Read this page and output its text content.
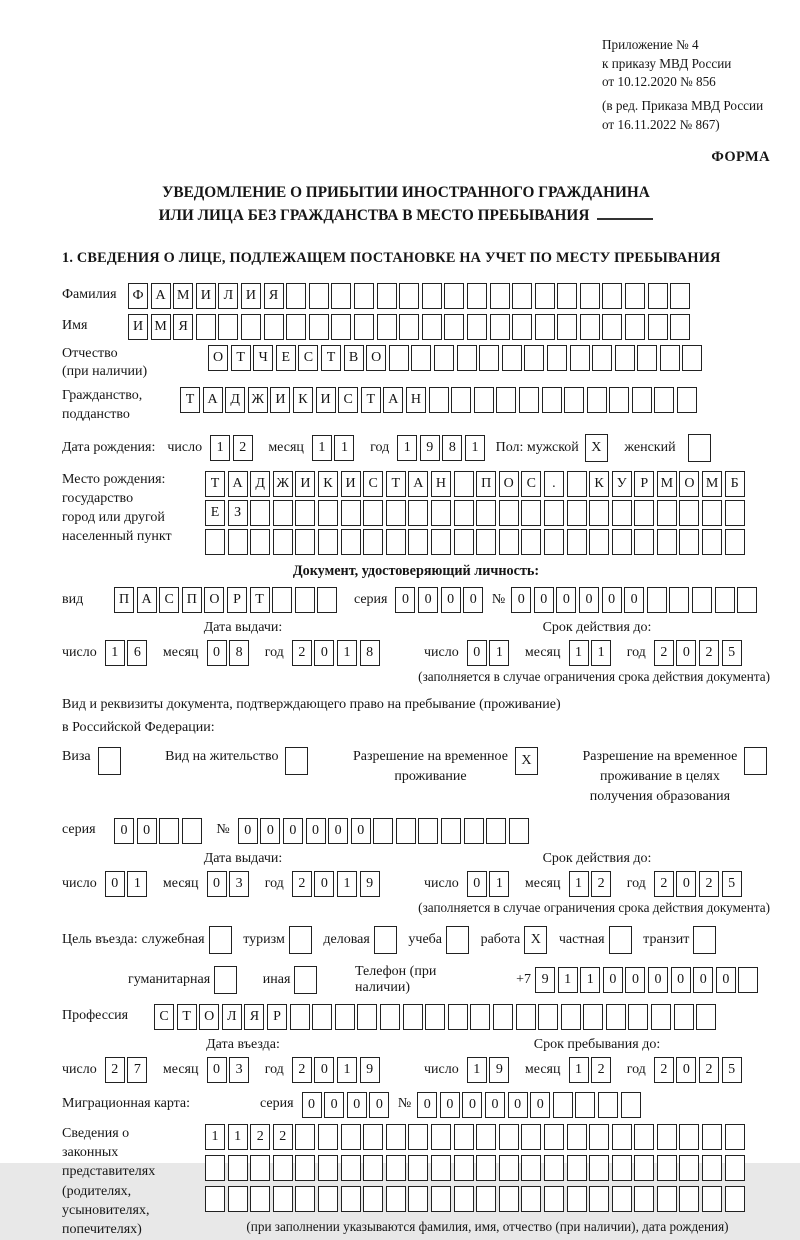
Приложение № 4
к приказу МВД России
от 10.12.2020 № 856
(в ред. Приказа МВД России
от 16.11.2022 № 867)
ФОРМА
УВЕДОМЛЕНИЕ О ПРИБЫТИИ ИНОСТРАННОГО ГРАЖДАНИНА
ИЛИ ЛИЦА БЕЗ ГРАЖДАНСТВА В МЕСТО ПРЕБЫВАНИЯ
1. СВЕДЕНИЯ О ЛИЦЕ, ПОДЛЕЖАЩЕМ ПОСТАНОВКЕ НА УЧЕТ ПО МЕСТУ ПРЕБЫВАНИЯ
Фамилия	Ф А М И Л И Я
Имя	И М Я
Отчество
(при наличии)
О Т Ч Е С Т В О
Гражданство,
подданство
Т А Д Ж И К И С Т А Н
Дата рождения: число	1	2	месяц	1	1	год	1	9	8	1	Пол: мужской X	женский
Место рождения:
государство
город или другой
населенный пункт
Т А Д Ж И К И С Т А Н	П О С	.	К У Р М О М Б
Е	З
Документ, удостоверяющий личность:
вид	П А С П О Р	Т	серия	0	0	0	0	№ 0	0	0	0	0	0
Дата выдачи:	Срок действия до:
число	1	6	месяц	0	8	год	2	0	1	8	число	0	1	месяц	1	1	год	2	0	2	5
(заполняется в случае ограничения срока действия документа)
Вид и реквизиты документа, подтверждающего право на пребывание (проживание)
в Российской Федерации:
Виза	Вид на жительство	Разрешение на временное
проживание
X	Разрешение на временное
проживание в целях
получения образования
серия	0	0	№	0	0	0	0	0	0
Дата выдачи:	Срок действия до:
число	0	1	месяц	0	3	год	2	0	1	9	число	0	1	месяц	1	2	год	2	0	2	5
(заполняется в случае ограничения срока действия документа)
Цель въезда: служебная	туризм	деловая	учеба	работа X	частная	транзит
гуманитарная	иная
Телефон (при наличии)
+7 9	1	1	0	0	0	0	0	0
Профессия	С Т О Л Я	Р
Дата въезда:	Срок пребывания до:
число	2	7	месяц	0	3	год	2	0	1	9	число	1	9	месяц	1	2	год	2	0	2	5
Миграционная карта:	серия	0	0	0	0	№ 0	0	0	0	0	0
Сведения о
законных
представителях
(родителях,
усыновителях,
попечителях)
1	1	2	2
(при заполнении указываются фамилия, имя, отчество (при наличии), дата рождения)
